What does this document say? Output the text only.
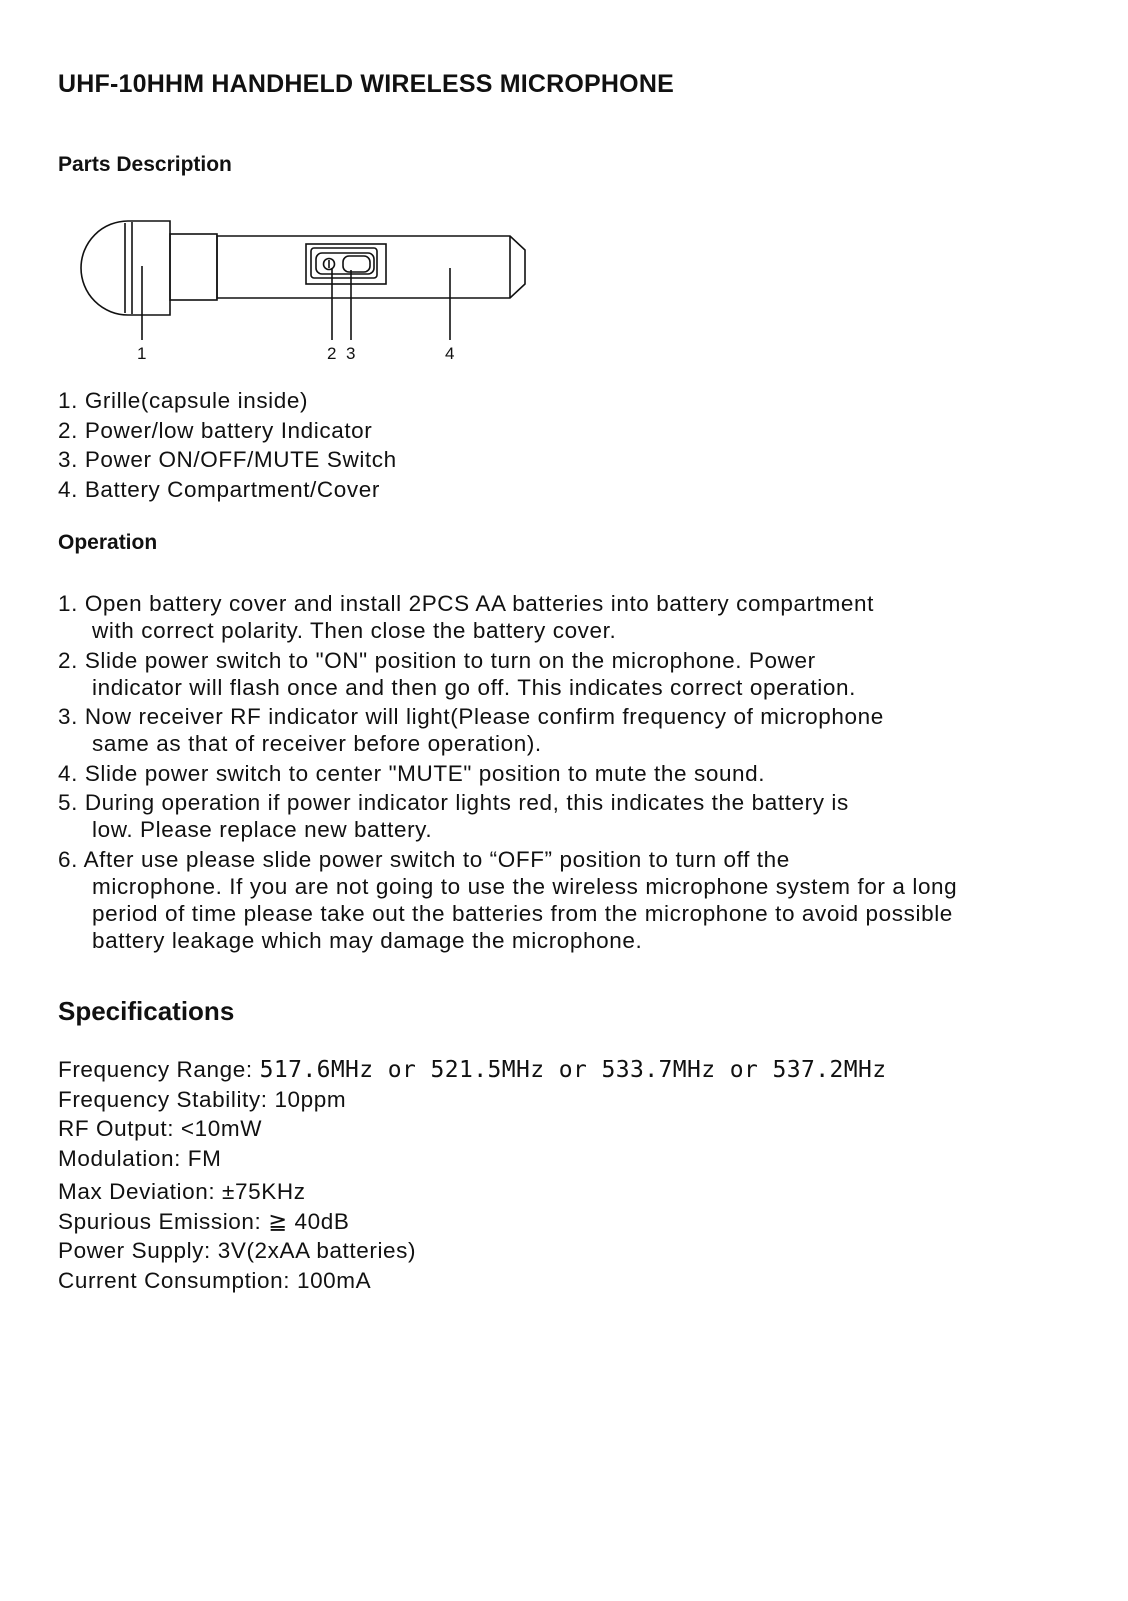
UHF-10HHM HANDHELD WIRELESS MICROPHONE
Parts Description
1	2 3	4
1. Grille(capsule inside)
2. Power/low battery Indicator
3. Power ON/OFF/MUTE Switch
4. Battery Compartment/Cover
Operation
1. Open battery cover and install 2PCS AA batteries into battery compartment
with correct polarity. Then close the battery cover.
2. Slide power switch to "ON" position to turn on the microphone. Power
indicator will flash once and then go off. This indicates correct operation.
3. Now receiver RF indicator will light(Please confirm frequency of microphone
same as that of receiver before operation).
4. Slide power switch to center "MUTE" position to mute the sound.
5. During operation if power indicator lights red, this indicates the battery is
low. Please replace new battery.
6. After use please slide power switch to “OFF” position to turn off the
microphone. If you are not going to use the wireless microphone system for a long period of time please take out the batteries from the microphone to avoid possible battery leakage which may damage the microphone.
Specifications
Frequency Range: 517.6MHz or 521.5MHz or 533.7MHz or 537.2MHz
Frequency Stability: 10ppm
RF Output: <10mW
Modulation: FM
Max Deviation: ±75KHz
Spurious Emission: ≧ 40dB
Power Supply: 3V(2xAA batteries)
Current Consumption: 100mA
